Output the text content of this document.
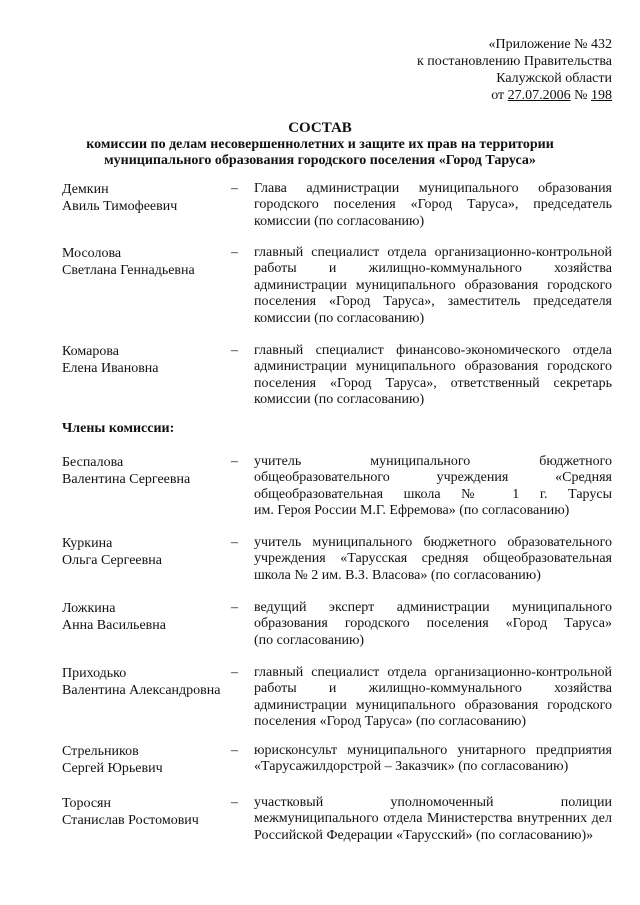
«Приложение № 432
к постановлению Правительства
Калужской области
от 27.07.2006 № 198
СОСТАВ
комиссии по делам несовершеннолетних и защите их прав на территории
муниципального образования городского поселения «Город Таруса»
Демкин
Авиль Тимофеевич
–	Глава администрации муниципального образования
городского поселения «Город Таруса», председатель
комиссии (по согласованию)
Мосолова
Светлана Геннадьевна
–	главный специалист отдела организационно-контрольной
работы и жилищно-коммунального хозяйства
администрации муниципального образования городского
поселения «Город Таруса», заместитель председателя
комиссии (по согласованию)
Комарова
Елена Ивановна
–	главный специалист финансово-экономического отдела
администрации муниципального образования городского
поселения «Город Таруса», ответственный секретарь
комиссии (по согласованию)
Члены комиссии:
Беспалова
Валентина Сергеевна
–	учитель муниципального бюджетного
общеобразовательного учреждения «Средняя
общеобразовательная школа № 1 г. Тарусы
им. Героя России М.Г. Ефремова» (по согласованию)
Куркина
Ольга Сергеевна
–	учитель муниципального бюджетного образовательного
учреждения «Тарусская средняя общеобразовательная
школа № 2 им. В.З. Власова» (по согласованию)
Ложкина
Анна Васильевна
–	ведущий эксперт администрации муниципального
образования городского поселения «Город Таруса»
(по согласованию)
Приходько
Валентина Александровна
–	главный специалист отдела организационно-контрольной
работы и жилищно-коммунального хозяйства
администрации муниципального образования городского
поселения «Город Таруса» (по согласованию)
Стрельников
Сергей Юрьевич
–	юрисконсульт муниципального унитарного предприятия
«Тарусажилдорстрой – Заказчик» (по согласованию)
Торосян
Станислав Ростомович
–	участковый уполномоченный полиции
межмуниципального отдела Министерства внутренних дел
Российской Федерации «Тарусский» (по согласованию)»
